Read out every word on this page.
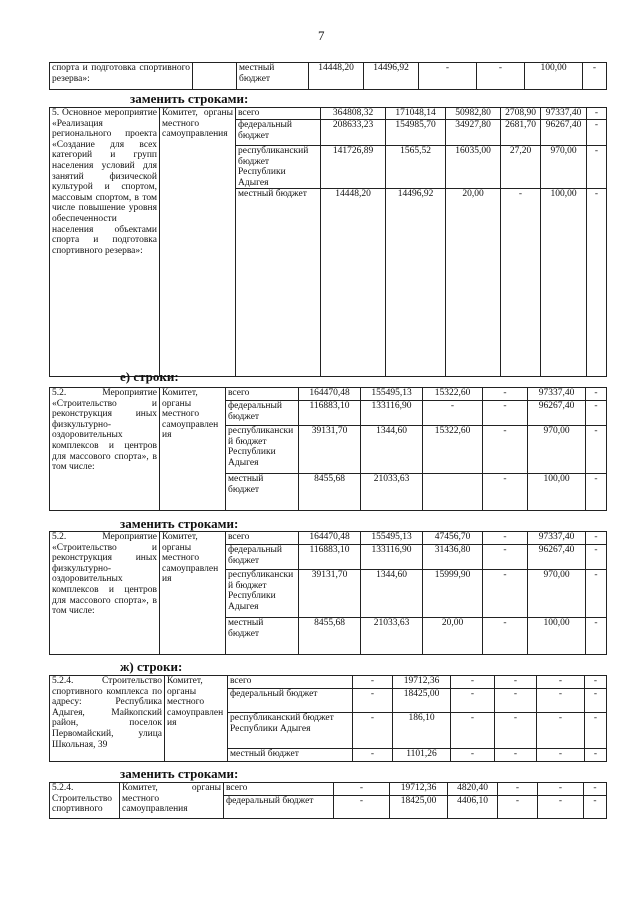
7
спорта и подготовка спортивного резерва»:		местный бюджет	14448,20	14496,92	-	-	100,00	-
заменить строками:
5. Основное мероприятие «Реализация регионального проекта «Создание для всех категорий и групп населения условий для занятий физической культурой и спортом, массовым спортом, в том числе повышение уровня обеспеченности населения объектами спорта и подготовка спортивного резерва»:	Комитет, органы местного самоуправления	всего	364808,32	171048,14	50982,80	2708,90	97337,40	-
		федеральный бюджет	208633,23	154985,70	34927,80	2681,70	96267,40	-
		республиканский бюджет Республики Адыгея	141726,89	1565,52	16035,00	27,20	970,00	-
		местный бюджет	14448,20	14496,92	20,00	-	100,00	-
е) строки:
5.2. Мероприятие «Строительство и реконструкция иных физкультурно-оздоровительных комплексов и центров для массового спорта», в том числе:	Комитет, органы местного самоуправления	всего	164470,48	155495,13	15322,60	-	97337,40	-
		федеральный бюджет	116883,10	133116,90	-	-	96267,40	-
		республиканский бюджет Республики Адыгея	39131,70	1344,60	15322,60	-	970,00	-
		местный бюджет	8455,68	21033,63		-	100,00	-
заменить строками:
5.2. Мероприятие «Строительство и реконструкция иных физкультурно-оздоровительных комплексов и центров для массового спорта», в том числе:	Комитет, органы местного самоуправления	всего	164470,48	155495,13	47456,70	-	97337,40	-
		федеральный бюджет	116883,10	133116,90	31436,80	-	96267,40	-
		республиканский бюджет Республики Адыгея	39131,70	1344,60	15999,90	-	970,00	-
		местный бюджет	8455,68	21033,63	20,00	-	100,00	-
ж) строки:
5.2.4. Строительство спортивного комплекса по адресу: Республика Адыгея, Майкопский район, поселок Первомайский, улица Школьная, 39	Комитет, органы местного самоуправления	всего	-	19712,36	-	-	-	-
		федеральный бюджет	-	18425,00	-	-	-	-
		республиканский бюджет Республики Адыгея	-	186,10	-	-	-	-
		местный бюджет	-	1101,26	-	-	-	-
заменить строками:
5.2.4. Строительство спортивного	Комитет, органы местного самоуправления	всего	-	19712,36	4820,40	-	-	-
		федеральный бюджет	-	18425,00	4406,10	-	-	-
